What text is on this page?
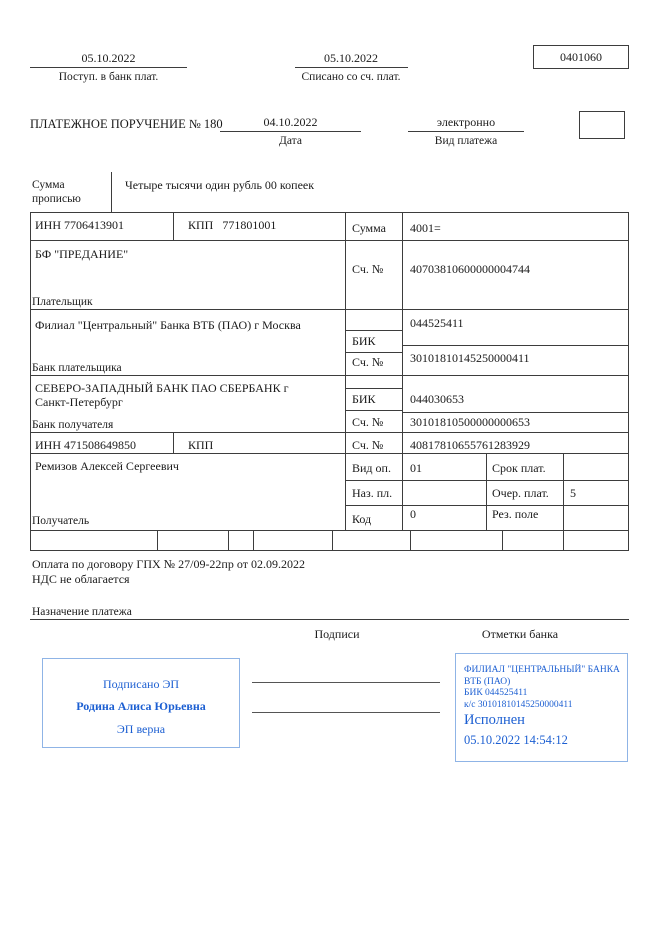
05.10.2022
Поступ. в банк плат.
05.10.2022
Списано со сч. плат.
0401060
ПЛАТЕЖНОЕ ПОРУЧЕНИЕ № 180	04.10.2022
Дата
электронно
Вид платежа
Сумма прописью
Четыре тысячи один рубль 00 копеек
ИНН 7706413901	КПП   771801001	Сумма 4001=
БФ "ПРЕДАНИЕ"
Плательщик
Сч. № 40703810600000004744
Филиал "Центральный" Банка ВТБ (ПАО) г Москва
БИК
044525411
Сч. № 30101810145250000411
Банк плательщика
СЕВЕРО-ЗАПАДНЫЙ БАНК ПАО СБЕРБАНК г Санкт-Петербург	БИК	044030653
Сч. № 30101810500000000653
Банк получателя
ИНН 471508649850	КПП	Сч. № 40817810655761283929
Ремизов Алексей Сергеевич
Получатель
Вид оп. 01	Срок плат.
Наз. пл.	Очер. плат. 5
Код	0	Рез. поле
Оплата по договору ГПХ № 27/09-22пр от 02.09.2022
НДС не облагается
Назначение платежа
Подписи	Отметки банка
Подписано ЭП
Родина Алиса Юрьевна
ЭП верна
ФИЛИАЛ "ЦЕНТРАЛЬНЫЙ" БАНКА
ВТБ (ПАО)
БИК 044525411
к/с 30101810145250000411
Исполнен
05.10.2022 14:54:12
